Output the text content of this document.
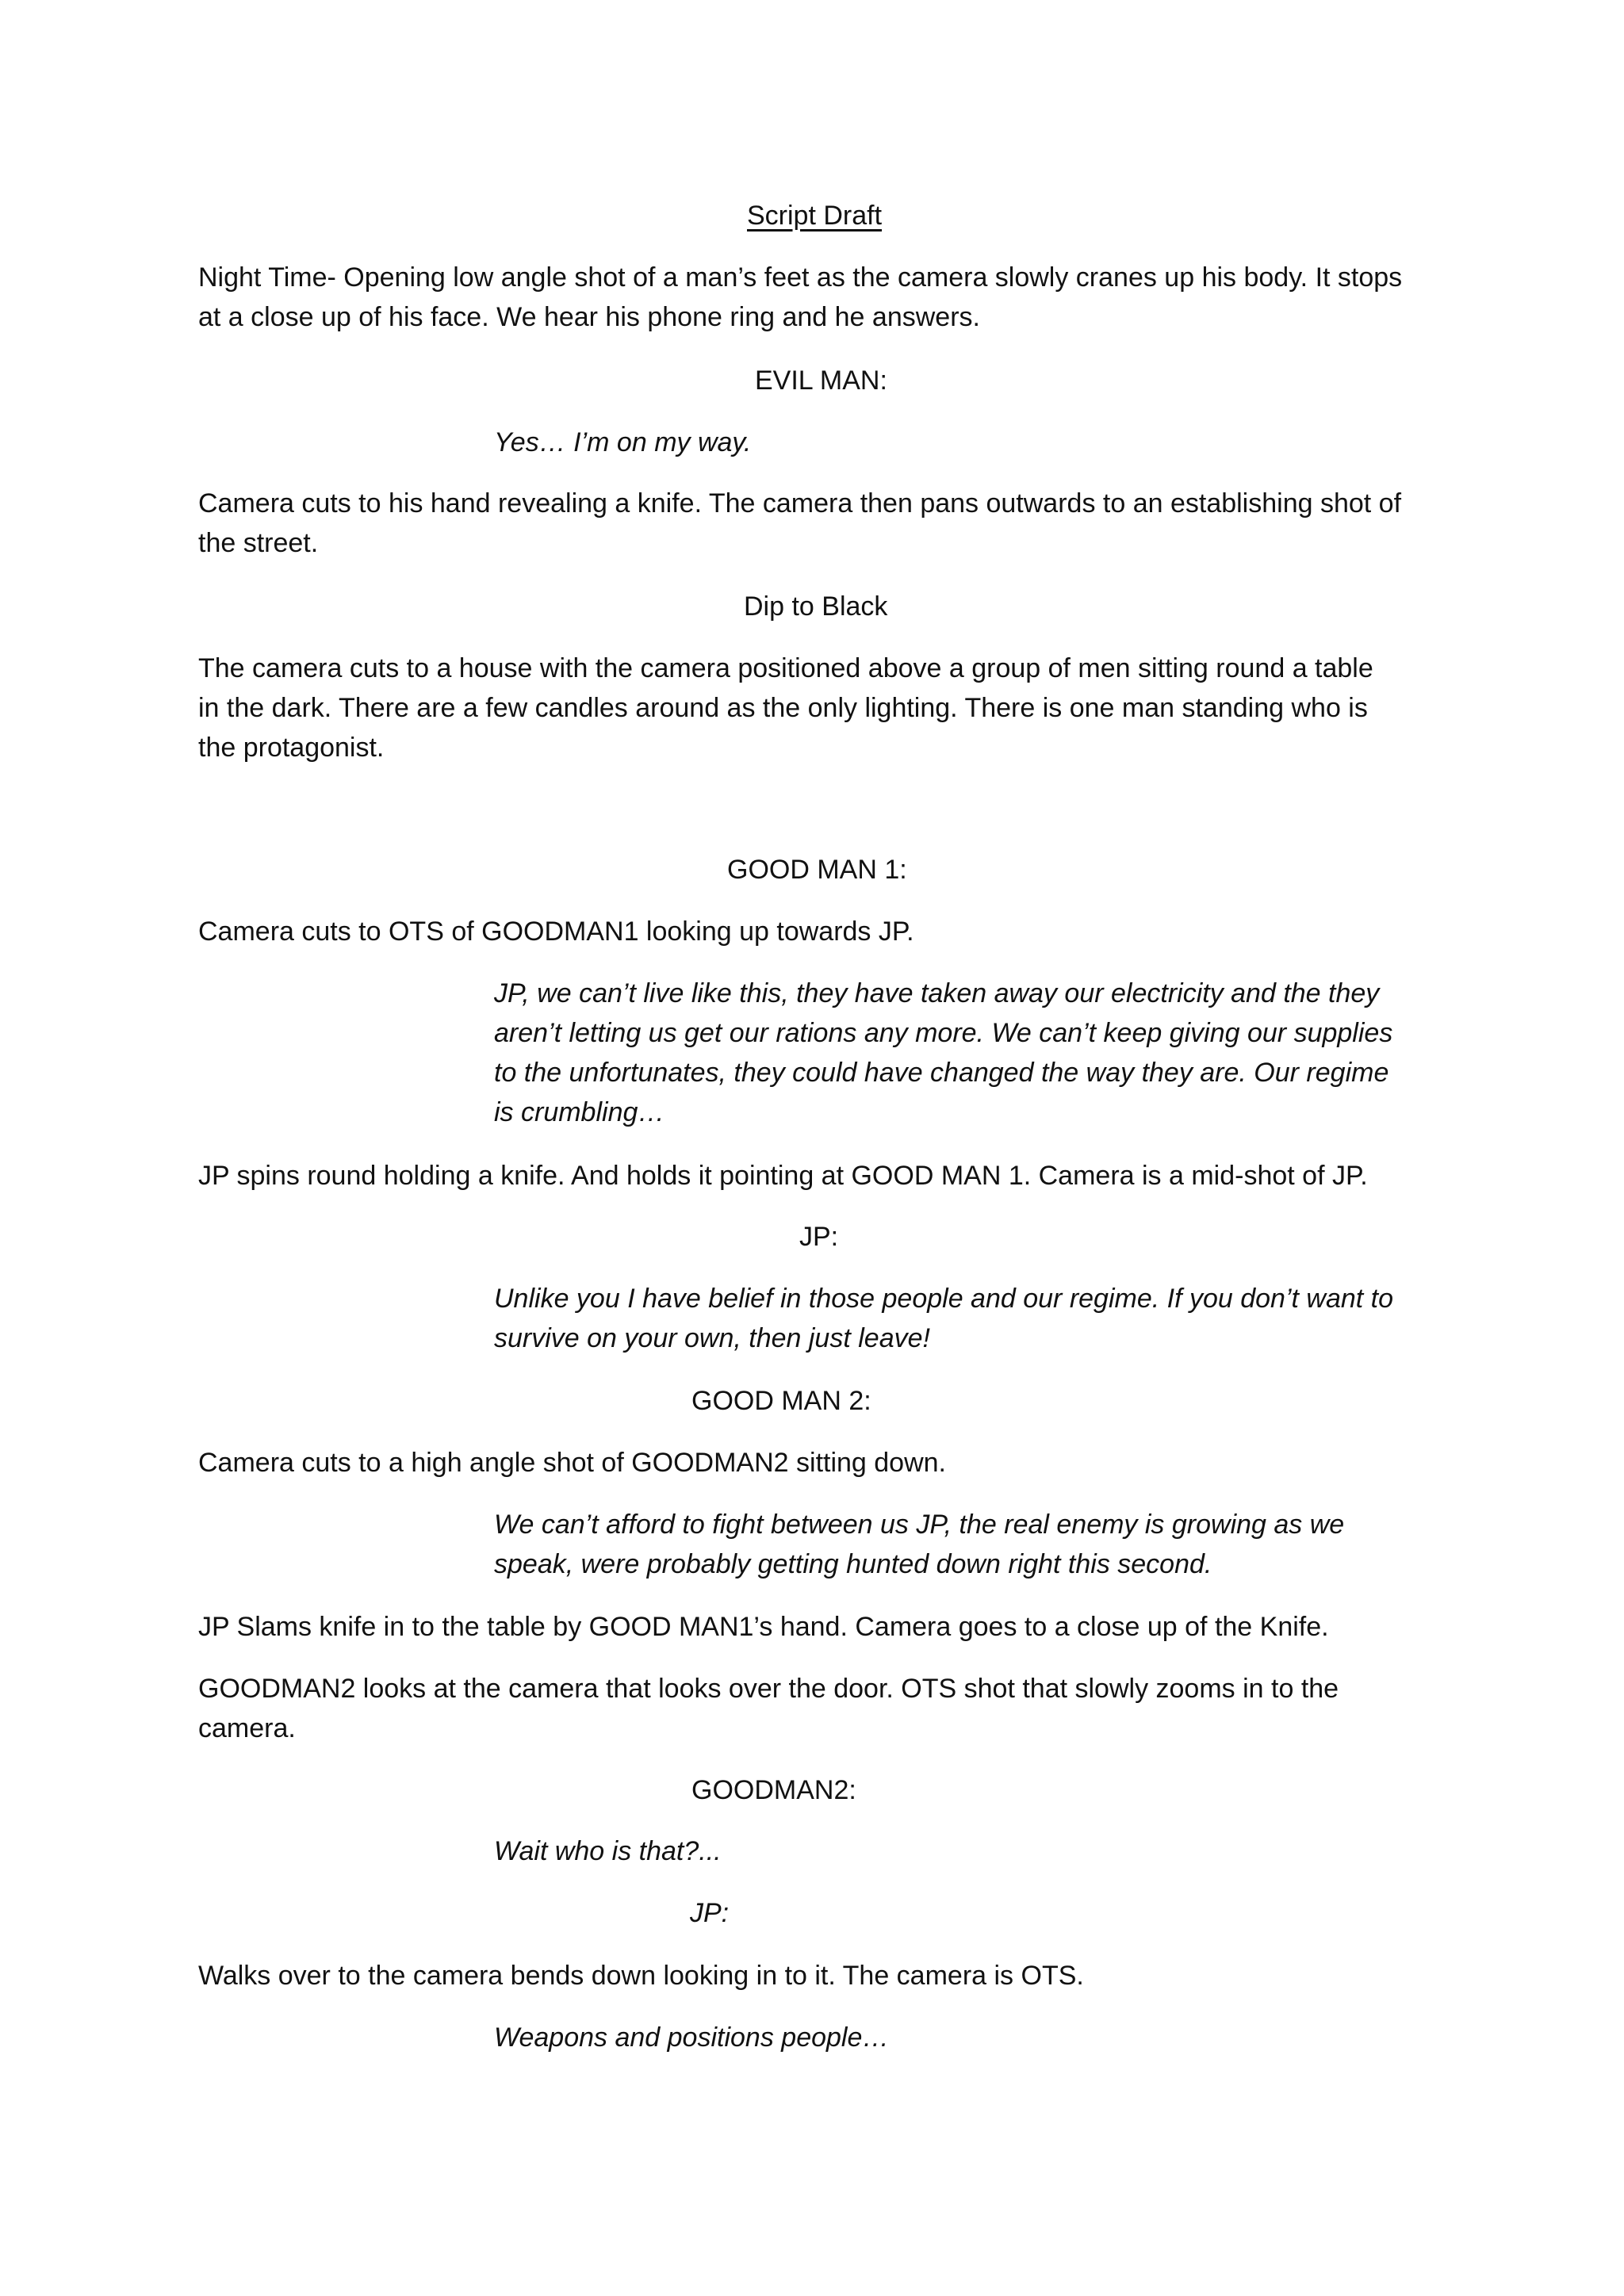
Script Draft

Night Time- Opening low angle shot of a man’s feet as the camera slowly cranes up his body. It stops

at a close up of his face. We hear his phone ring and he answers.

EVIL MAN:

Yes… I’m on my way.

Camera cuts to his hand revealing a knife. The camera then pans outwards to an establishing shot of

the street.

Dip to Black

The camera cuts to a house with the camera positioned above a group of men sitting round a table

in the dark. There are a few candles around as the only lighting. There is one man standing who is

the protagonist.

GOOD MAN 1:

Camera cuts to OTS of GOODMAN1 looking up towards JP.

JP, we can’t live like this, they have taken away our electricity and the they

aren’t letting us get our rations any more. We can’t keep giving our supplies

to the unfortunates, they could have changed the way they are. Our regime

is crumbling…

JP spins round holding a knife. And holds it pointing at GOOD MAN 1. Camera is a mid-shot of JP.

JP:

Unlike you I have belief in those people and our regime. If you don’t want to

survive on your own, then just leave!

GOOD MAN 2:

Camera cuts to a high angle shot of GOODMAN2 sitting down.

We can’t afford to fight between us JP, the real enemy is growing as we

speak, were probably getting hunted down right this second.

JP Slams knife in to the table by GOOD MAN1’s hand. Camera goes to a close up of the Knife.

GOODMAN2 looks at the camera that looks over the door. OTS shot that slowly zooms in to the

camera.

GOODMAN2:

Wait who is that?...

JP:

Walks over to the camera bends down looking in to it. The camera is OTS.

Weapons and positions people…
